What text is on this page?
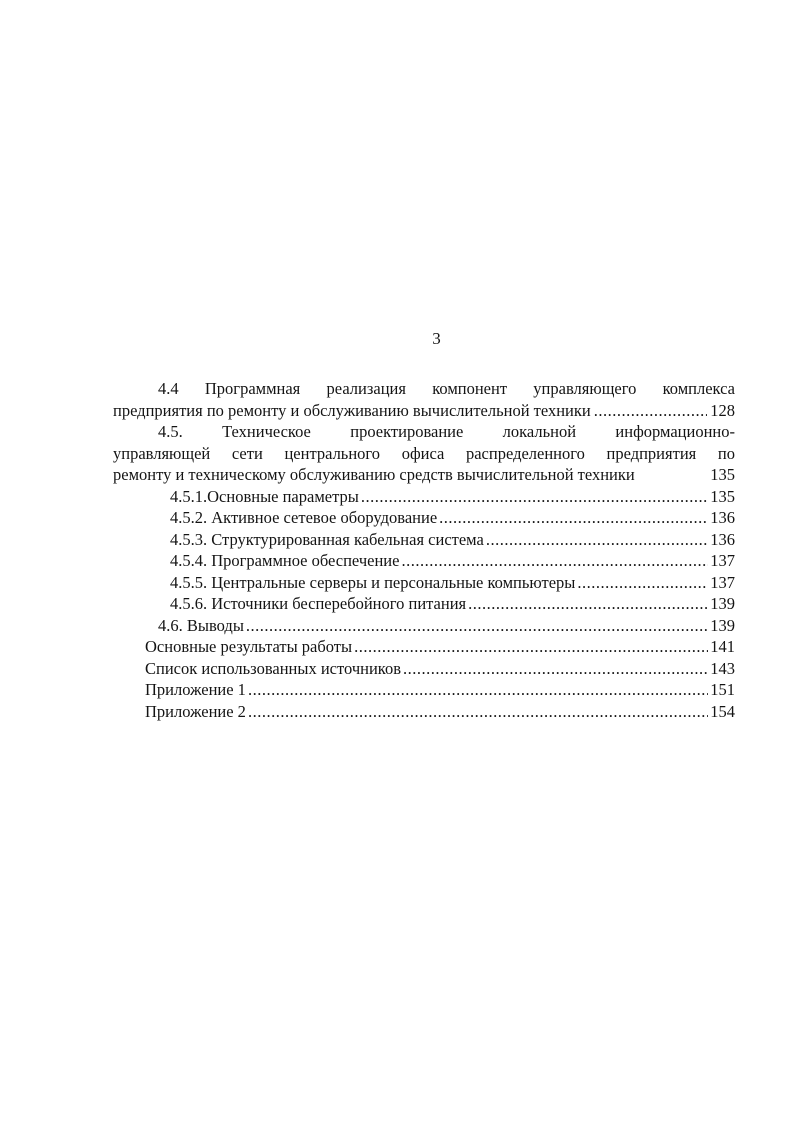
3
4.4 Программная реализация компонент управляющего комплекса
предприятия по ремонту и обслуживанию вычислительной техники .....	128
4.5. Техническое проектирование локальной информационно-
управляющей сети центрального офиса распределенного предприятия по
ремонту и техническому обслуживанию средств вычислительной техники	135
4.5.1.Основные параметры .....	135
4.5.2. Активное сетевое оборудование .....	136
4.5.3. Структурированная кабельная система .....	136
4.5.4. Программное обеспечение .....	137
4.5.5. Центральные серверы и персональные компьютеры .....	137
4.5.6. Источники бесперебойного питания .....	139
4.6. Выводы .....	139
Основные результаты работы .....	141
Список использованных источников .....	143
Приложение 1 .....	151
Приложение 2 .....	154
